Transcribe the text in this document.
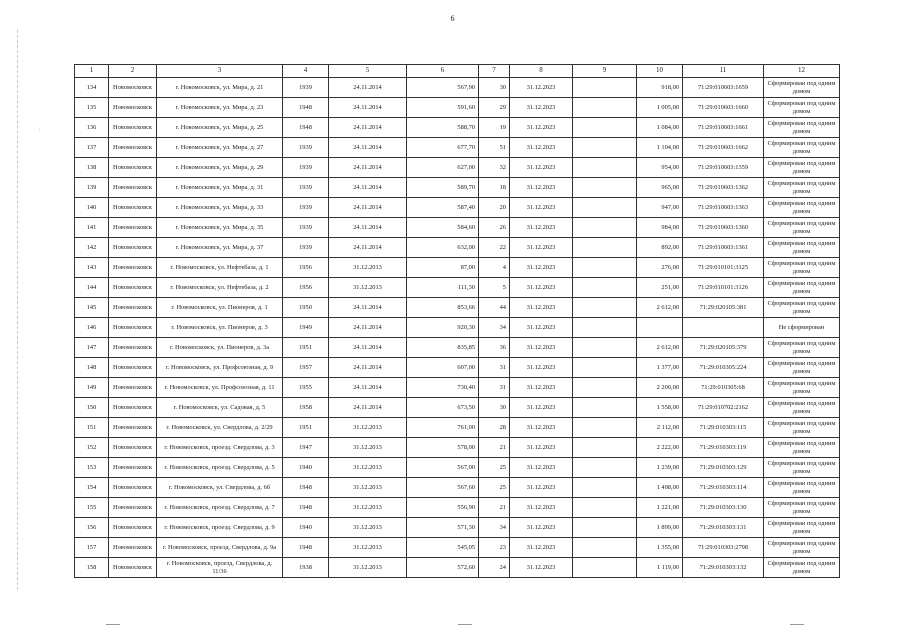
6
.
1	2	3	4	5	6	7	8	9	10	11	12
134	Новомосковск	г. Новомосковск, ул. Мира, д. 21	1939	24.11.2014	567,90	30	31.12.2023		918,00	71:29:010603:1659	Сформирован под одним домом
135	Новомосковск	г. Новомосковск, ул. Мира, д. 23	1948	24.11.2014	591,60	29	31.12.2023		1 005,00	71:29:010603:1660	Сформирован под одним домом
136	Новомосковск	г. Новомосковск, ул. Мира, д. 25	1948	24.11.2014	588,70	19	31.12.2023		1 084,00	71:29:010603:1661	Сформирован под одним домом
137	Новомосковск	г. Новомосковск, ул. Мира, д. 27	1939	24.11.2014	677,70	51	31.12.2023		1 104,00	71:29:010603:1662	Сформирован под одним домом
138	Новомосковск	г. Новомосковск, ул. Мира, д. 29	1939	24.11.2014	627,00	32	31.12.2023		954,00	71:29:010603:1359	Сформирован под одним домом
139	Новомосковск	г. Новомосковск, ул. Мира, д. 31	1939	24.11.2014	589,70	18	31.12.2023		965,00	71:29:010603:1362	Сформирован под одним домом
140	Новомосковск	г. Новомосковск, ул. Мира, д. 33	1939	24.11.2014	587,40	20	31.12.2023		947,00	71:29:010603:1363	Сформирован под одним домом
141	Новомосковск	г. Новомосковск, ул. Мира, д. 35	1939	24.11.2014	584,60	26	31.12.2023		984,00	71:29:010603:1360	Сформирован под одним домом
142	Новомосковск	г. Новомосковск, ул. Мира, д. 37	1939	24.11.2014	632,00	22	31.12.2023		892,00	71:29:010603:1361	Сформирован под одним домом
143	Новомосковск	г. Новомосковск, ул. Нефтебаза, д. 1	1956	31.12.2013	87,00	4	31.12.2023		276,00	71:29:010101:3125	Сформирован под одним домом
144	Новомосковск	г. Новомосковск, ул. Нефтебаза, д. 2	1956	31.12.2013	111,30	5	31.12.2023		251,00	71:29:010101:3126	Сформирован под одним домом
145	Новомосковск	г. Новомосковск, ул. Пионеров, д. 1	1950	24.11.2014	853,66	44	31.12.2023		2 612,00	71:29:020105:381	Сформирован под одним домом
146	Новомосковск	г. Новомосковск, ул. Пионеров, д. 3	1949	24.11.2014	920,30	34	31.12.2023				Не сформирован
147	Новомосковск	г. Новомосковск, ул. Пионеров, д. 3а	1951	24.11.2014	835,85	36	31.12.2023		2 612,00	71:29:020105:379	Сформирован под одним домом
148	Новомосковск	г. Новомосковск, ул. Профсоюзная, д. 9	1957	24.11.2014	607,00	31	31.12.2023		1 377,00	71:29:010305:224	Сформирован под одним домом
149	Новомосковск	г. Новомосковск, ул. Профсоюзная, д. 11	1955	24.11.2014	730,40	31	31.12.2023		2 200,00	71:29:010305:68	Сформирован под одним домом
150	Новомосковск	г. Новомосковск, ул. Садовая, д. 5	1958	24.11.2014	673,50	30	31.12.2023		1 558,00	71:29:010702:2162	Сформирован под одним домом
151	Новомосковск	г. Новомосковск, ул. Свердлова, д. 2/29	1951	31.12.2013	761,00	28	31.12.2023		2 112,00	71:29:010303:115	Сформирован под одним домом
152	Новомосковск	г. Новомосковск, проезд. Свердлова, д. 3	1947	31.12.2013	578,00	21	31.12.2023		2 222,00	71:29:010303:119	Сформирован под одним домом
153	Новомосковск	г. Новомосковск, проезд. Свердлова, д. 5	1940	31.12.2013	567,00	25	31.12.2023		1 239,00	71:29:010303:129	Сформирован под одним домом
154	Новомосковск	г. Новомосковск, ул. Свердлова, д. 6б	1948	31.12.2013	567,60	25	31.12.2023		1 498,00	71:29:010303:114	Сформирован под одним домом
155	Новомосковск	г. Новомосковск, проезд. Свердлова, д. 7	1948	31.12.2013	556,90	21	31.12.2023		1 221,00	71:29:010303:130	Сформирован под одним домом
156	Новомосковск	г. Новомосковск, проезд. Свердлова, д. 9	1940	31.12.2013	571,30	34	31.12.2023		1 899,00	71:29:010303:131	Сформирован под одним домом
157	Новомосковск	г. Новомосковск, проезд. Свердлова, д. 9а	1948	31.12.2013	545,05	23	31.12.2023		1 355,00	71:29:010303:2798	Сформирован под одним домом
158	Новомосковск	г. Новомосковск, проезд. Свердлова, д. 11/36	1938	31.12.2013	572,60	24	31.12.2023		1 119,00	71:29:010303:132	Сформирован под одним домом
